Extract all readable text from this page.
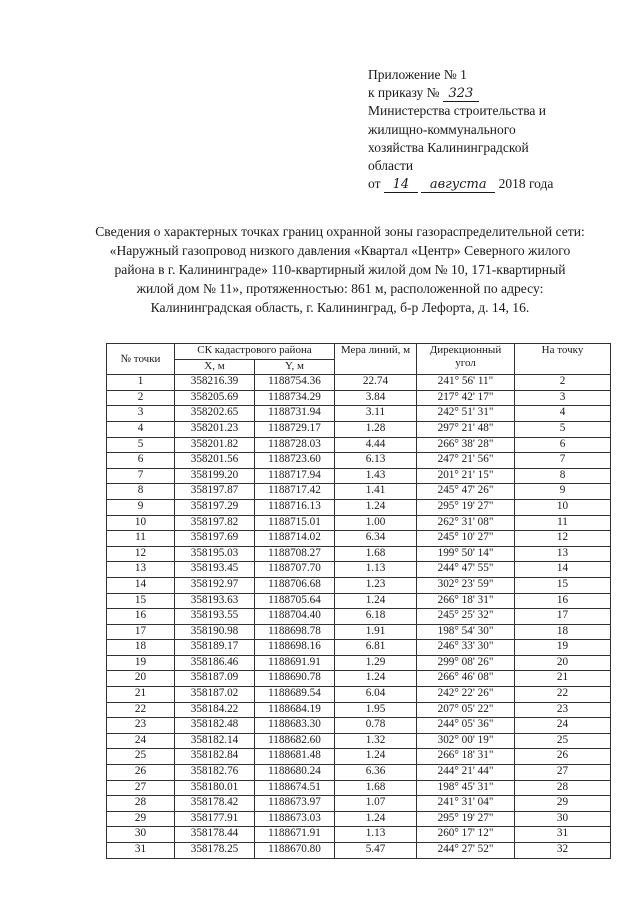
Приложение № 1
к приказу № 323
Министерства строительства и
жилищно-коммунального
хозяйства Калининградской
области
от 14 августа 2018 года
Сведения о характерных точках границ охранной зоны газораспределительной сети: «Наружный газопровод низкого давления «Квартал «Центр» Северного жилого района в г. Калининграде» 110-квартирный жилой дом № 10, 171-квартирный жилой дом № 11», протяженностью: 861 м, расположенной по адресу: Калининградская область, г. Калининград, б-р Лефорта, д. 14, 16.
№ точки	СК кадастрового района		Мера линий, м	Дирекционный угол	На точку
	X, м	Y, м			
1	358216.39	1188754.36	22.74	241° 56' 11"	2
2	358205.69	1188734.29	3.84	217° 42' 17"	3
3	358202.65	1188731.94	3.11	242° 51' 31"	4
4	358201.23	1188729.17	1.28	297° 21' 48"	5
5	358201.82	1188728.03	4.44	266° 38' 28"	6
6	358201.56	1188723.60	6.13	247° 21' 56"	7
7	358199.20	1188717.94	1.43	201° 21' 15"	8
8	358197.87	1188717.42	1.41	245° 47' 26"	9
9	358197.29	1188716.13	1.24	295° 19' 27"	10
10	358197.82	1188715.01	1.00	262° 31' 08"	11
11	358197.69	1188714.02	6.34	245° 10' 27"	12
12	358195.03	1188708.27	1.68	199° 50' 14"	13
13	358193.45	1188707.70	1.13	244° 47' 55"	14
14	358192.97	1188706.68	1.23	302° 23' 59"	15
15	358193.63	1188705.64	1.24	266° 18' 31"	16
16	358193.55	1188704.40	6.18	245° 25' 32"	17
17	358190.98	1188698.78	1.91	198° 54' 30"	18
18	358189.17	1188698.16	6.81	246° 33' 30"	19
19	358186.46	1188691.91	1.29	299° 08' 26"	20
20	358187.09	1188690.78	1.24	266° 46' 08"	21
21	358187.02	1188689.54	6.04	242° 22' 26"	22
22	358184.22	1188684.19	1.95	207° 05' 22"	23
23	358182.48	1188683.30	0.78	244° 05' 36"	24
24	358182.14	1188682.60	1.32	302° 00' 19"	25
25	358182.84	1188681.48	1.24	266° 18' 31"	26
26	358182.76	1188680.24	6.36	244° 21' 44"	27
27	358180.01	1188674.51	1.68	198° 45' 31"	28
28	358178.42	1188673.97	1.07	241° 31' 04"	29
29	358177.91	1188673.03	1.24	295° 19' 27"	30
30	358178.44	1188671.91	1.13	260° 17' 12"	31
31	358178.25	1188670.80	5.47	244° 27' 52"	32
